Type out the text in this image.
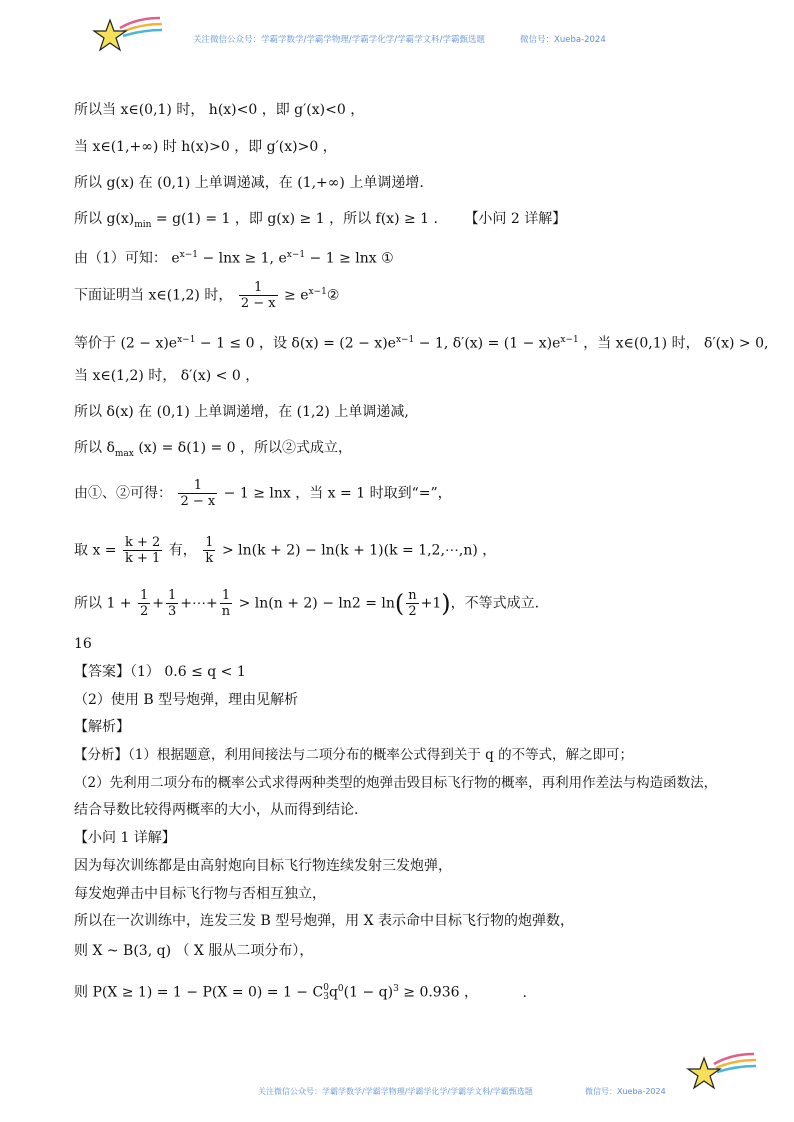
关注微信公众号：学霸学数学/学霸学物理/学霸学化学/学霸学文科/学霸甄选题	微信号：Xueba-2024
所以当 x∈(0,1) 时， h(x)<0 ，即 g′(x)<0 ，
当 x∈(1,+∞) 时 h(x)>0 ，即 g′(x)>0 ，
所以 g(x) 在 (0,1) 上单调递减，在 (1,+∞) 上单调递增.
所以 $g(x)_{min} = g(1) = 1$ ，即 g(x) ≥ 1 ，所以 f(x) ≥ 1 . 【小问 2 详解】
由（1）可知： $e^{x-1} - \ln x \ge 1$, $e^{x-1} - 1 \ge \ln x$ ①
下面证明当 x∈(1,2) 时， $\frac{1}{2 - x}$ ≥ $e^{x-1}②$
等价于 $(2 - x)e^{x-1} - 1 \le 0$ ，设 $\delta(x) = (2 - x)e^{x-1} - 1$, $\delta'(x) = (1 - x)e^{x-1}$ ，当 x∈(0,1) 时， δ′(x) > 0,
当 x∈(1,2) 时， δ′(x) < 0 ，
所以 δ(x) 在 (0,1) 上单调递增，在 (1,2) 上单调递减,
所以 $\delta_{max}$ (x) = δ(1) = 0 ，所以②式成立，
由①、②可得： $\frac{1}{2 - x} - 1 \ge \ln x$ ，当 x = 1 时取到“=”，
取 $x = \frac{k + 2}{k + 1}$ 有， $\frac{1}{k} > \ln(k + 2) - \ln(k + 1)(k$ = 1,2,⋯,n) ，
所以 $1 + \frac{1}{2} + \frac{1}{3}$ +⋯+ $\frac{1}{n} > \ln(n + 2) - \ln 2 = \ln( \frac{n}{2} +1)$，不等式成立.
16
【答案】（1） 0.6 ≤ q < 1
（2）使用 B 型号炮弹，理由见解析
【解析】
【分析】（1）根据题意，利用间接法与二项分布的概率公式得到关于 q 的不等式，解之即可；
（2）先利用二项分布的概率公式求得两种类型的炮弹击毁目标飞行物的概率，再利用作差法与构造函数法，
结合导数比较得两概率的大小，从而得到结论.
【小问 1 详解】
因为每次训练都是由高射炮向目标飞行物连续发射三发炮弹，
每发炮弹击中目标飞行物与否相互独立，
所以在一次训练中，连发三发 B 型号炮弹，用 X 表示命中目标飞行物的炮弹数，
则 X ~ B(3, q) （ X 服从二项分布），
则 P(X ≥ 1) = 1 − P(X = 0) = 1 − C 0
3 $q^0(1 - q)^3 \ge 0.936$ ，	.
关注微信公众号：学霸学数学/学霸学物理/学霸学化学/学霸学文科/学霸甄选题	微信号：Xueba-2024
